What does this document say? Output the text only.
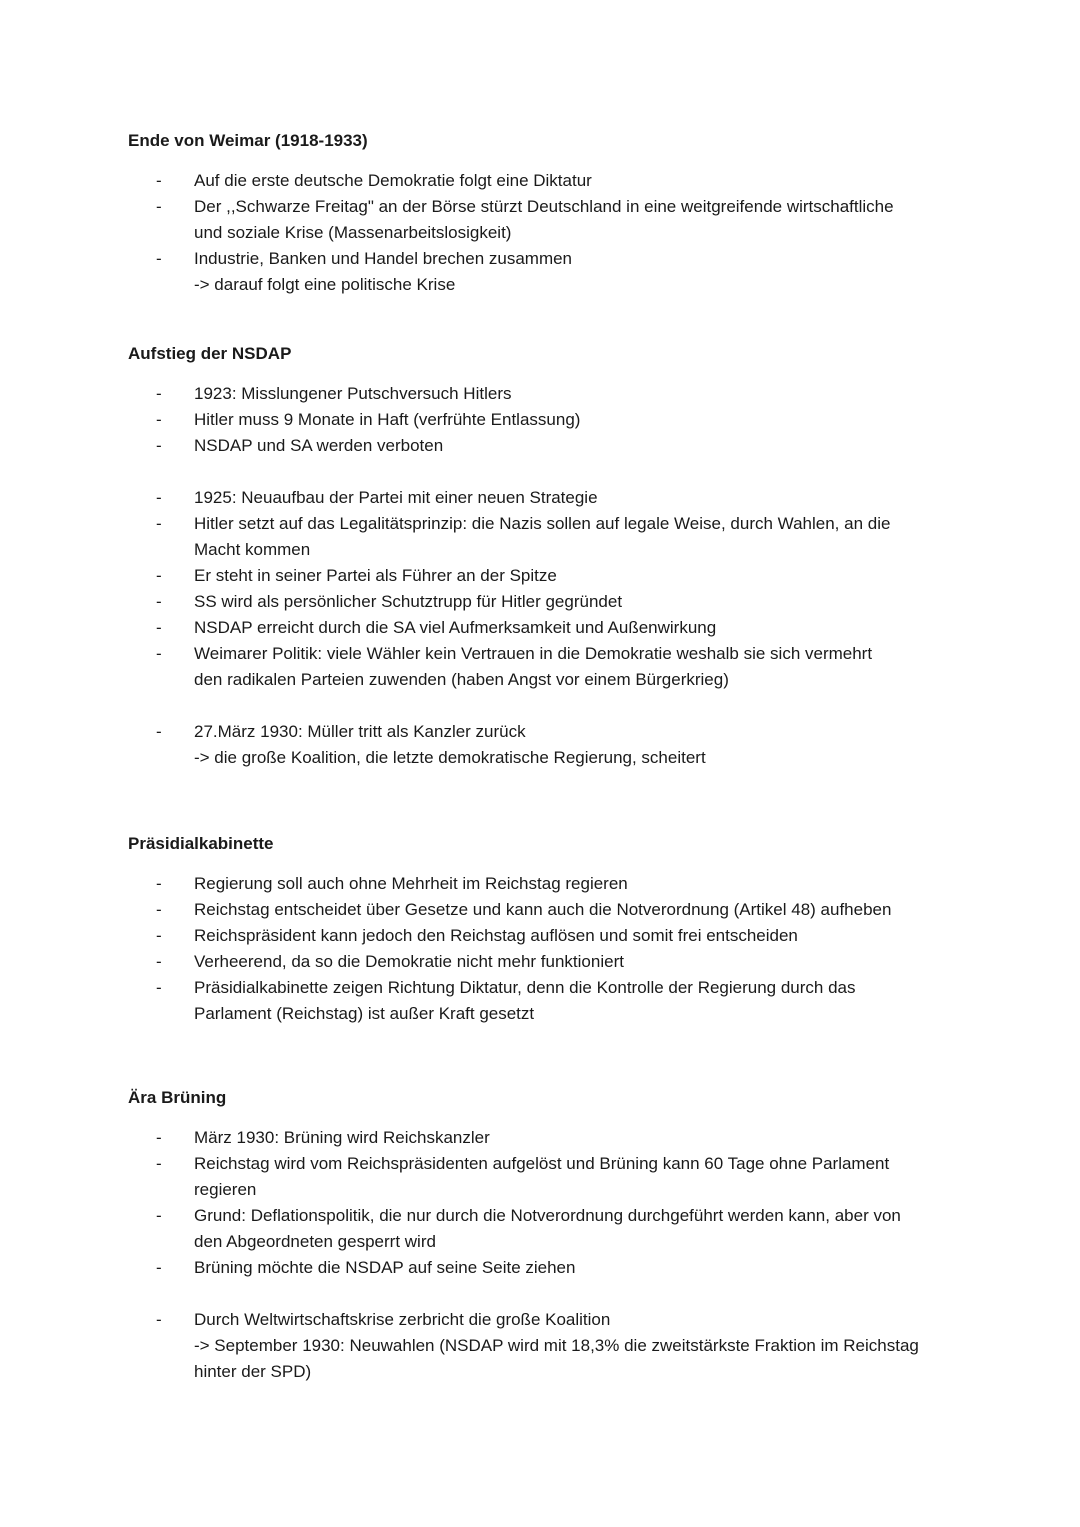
Ende von Weimar (1918-1933)
- Auf die erste deutsche Demokratie folgt eine Diktatur
- Der ,,Schwarze Freitag" an der Börse stürzt Deutschland in eine weitgreifende wirtschaftliche
und soziale Krise (Massenarbeitslosigkeit)
- Industrie, Banken und Handel brechen zusammen
-> darauf folgt eine politische Krise
Aufstieg der NSDAP
- 1923: Misslungener Putschversuch Hitlers
- Hitler muss 9 Monate in Haft (verfrühte Entlassung)
- NSDAP und SA werden verboten
- 1925: Neuaufbau der Partei mit einer neuen Strategie
- Hitler setzt auf das Legalitätsprinzip: die Nazis sollen auf legale Weise, durch Wahlen, an die
Macht kommen
- Er steht in seiner Partei als Führer an der Spitze
- SS wird als persönlicher Schutztrupp für Hitler gegründet
- NSDAP erreicht durch die SA viel Aufmerksamkeit und Außenwirkung
- Weimarer Politik: viele Wähler kein Vertrauen in die Demokratie weshalb sie sich vermehrt
den radikalen Parteien zuwenden (haben Angst vor einem Bürgerkrieg)
- 27.März 1930: Müller tritt als Kanzler zurück
-> die große Koalition, die letzte demokratische Regierung, scheitert
Präsidialkabinette
- Regierung soll auch ohne Mehrheit im Reichstag regieren
- Reichstag entscheidet über Gesetze und kann auch die Notverordnung (Artikel 48) aufheben
- Reichspräsident kann jedoch den Reichstag auflösen und somit frei entscheiden
- Verheerend, da so die Demokratie nicht mehr funktioniert
- Präsidialkabinette zeigen Richtung Diktatur, denn die Kontrolle der Regierung durch das
Parlament (Reichstag) ist außer Kraft gesetzt
Ära Brüning
- März 1930: Brüning wird Reichskanzler
- Reichstag wird vom Reichspräsidenten aufgelöst und Brüning kann 60 Tage ohne Parlament
regieren
- Grund: Deflationspolitik, die nur durch die Notverordnung durchgeführt werden kann, aber von
den Abgeordneten gesperrt wird
- Brüning möchte die NSDAP auf seine Seite ziehen
- Durch Weltwirtschaftskrise zerbricht die große Koalition
-> September 1930: Neuwahlen (NSDAP wird mit 18,3% die zweitstärkste Fraktion im Reichstag
hinter der SPD)
